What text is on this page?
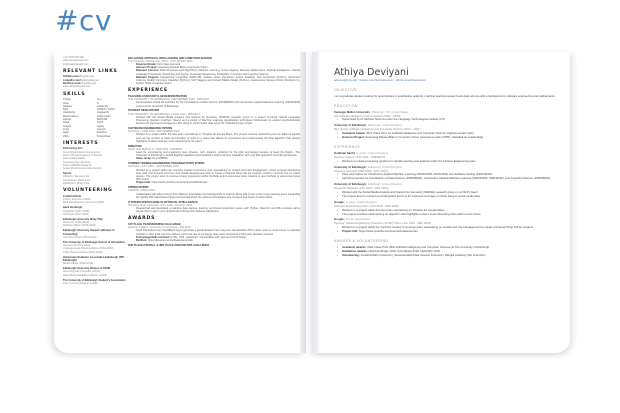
#cv
+44 7000 000 000
athiyadev@gmail.com
s1@hackthebugh.com
RELEVANT LINKS
GitHub.com/athiyadevyani
LinkedIn.com/in/athiyadevyani
DevPost.com/athiyadevyani
www.athiyadevyani.com
SKILLS
Python	C++
Java	C
Haskell	Assembly
SQL	HTML5 / CSS3
JavaScript	AngularJS
React Native	Scikit-Learn
Django	MATLAB
Flask	NLTK
Jupyter	Spacy
Linux	Gensim
Agile	FastText
JIRA	TensorFlow
INTERESTS
Performing Arts
Vocal (Performance Experience)
Dance (Royal Academy of Dance)
Intermediate Ballet
Contemporary, Hip Hop
Piano (ABRSM Grade 5)
Guitar (Performance Experience)
Sports
Athletics, Tae kwon Do
Competitive, Badminton
Kickboxing, Muay Thai
VOLUNTEERING
CodeFirstGirls
Python Instructor (2020)
Web Development Instructor (2020)
Hack the Burgh
Organiser (2017-2019)
Volunteer (2017-2018)
Edinburgh University Muay Thai
Treasurer (2020-2021)
Publicity Officer (2019-2020)
Edinburgh University Hoppers (Women in Computing)
Interview Coach (2019-2020)
The University of Edinburgh School of Informatics
Recruitment Committee
Undergraduate Representative (2019-2020)
Class Representative (2018-2019)
Indonesian Students' Association Edinburgh (PPI Edinburgh)
Media Officer (2018-2019)
Edinburgh University Women in STEM
Internship Fair Presenter (2019)
Hello World Hackathon Mentor (2019)
The University of Edinburgh Student's Association
Peer Learning Support Leader
BSC (HONS) ARTIFICIAL INTELLIGENCE AND COMPUTER SCIENCE
The University of Edinburgh | 2017 - 2021 (EXPECTED)
Expected Grade: First Class Honours
Honours Project: Assessing Dataset Bias in Computer Vision
Relevant Courses: Data Structures and Algorithms, Machine Learning, Linear Algebra, Discrete Mathematics, Artificial Intelligence, Natural Language Processing, Reasoning and Agents, Automated Reasoning, Probability, Computer and Cognitive Science
Relevant Projects: Handwriting recognition (MATLAB), Sudoku solver, Pentomino puzzle (Haskell), Unit conversion (Python), Sentiment Analysis, Reddit Comment Classifier (Python), NLP Tagging and Indirect Marble Model (Python), Autonomous Sunspot Robot (Robotics C), Python Trade Computer Vision
EXPERIENCE
TEACHING ASSISTANT (LAB DEMONSTRATOR)
THE UNIVERSITY OF EDINBURGH | SEPTEMBER 2020 - PRESENT
Demonstrated virtual lab sessions for the Foundations of Data Science (INFR08030) and Introductory Applied Machine Learning (INFR10069) course at the University of Edinburgh.
STUDENT RESEARCHER
THE UNIVERSITY OF EDINBURGH | JUNE 2020 - PRESENT
Worked with the Social Media Analysis and Support for Humanity (SMASH) research group on a project involving Natural Language Processing (Gensim, FastText, Spacy) and a variety of Machine Learning classification techniques (Scikit-learn) to expand psycholinguistic lexicons for improved coverage of online slang in social media data using the UrbanDictionary corpus.
SOFTWARE ENGINEERING INTERN
GOOGLE | JUNE 2020 - SEPTEMBER 2020
Worked on a project within the Geo team specializing on Timeline for Google Maps. The project involves researching into the different signals such as the number of visits and duration of visits to a place that affects its importance and implementing the final algorithm that selects highlights of places that are most interesting for the users.
DIRECTOR
HACK THE BURGH VI | SEP 2019 - PRESENT
Lead the volunteering and organising team (finance, tech, logistics, publicity) for the sixth and largest iteration of Hack the Burgh - The University of Edinburgh's annual flagship hackathon and Scotland's largest 24-hour hackathon with over 600 applicants and 200 participants.
Video recap: bit.ly/3c8f6Ru
SUMMER TRAINEE ENGINEERING PROGRAM (STEP) INTERN
GOOGLE | JULY 2019 - SEPTEMBER 2019
Worked on a project within the YouTube Creator Commerce team specializing on Growth and User Engagement, which involved developing both back and frontend and front end mobile development work to create a Channel Shop Tab for creators, which is currently live for select regions. The project aims to improve creator experience within YouTube and to encourage more creators to use YouTube to expand and grow their brand.
Project link: https://www.youtube.com/user/JoshuaWeissman
SPRING INTERN
AMAZON | APRIL 2019
Collaborated with fellow interns from different universities and backgrounds to build an Alexa skill (a two-mode song guessing game integrating the Spotify API called Alexa Sings) and learned about the various technologies and concepts that power Amazon Alexa.
IT INTERN SPECIALISING IN ARTIFICIAL INTELLIGENCE
The Body Shop Indonesia | JULY 2018 - AUGUST 2018
Researched and developed a real-time face capture, training, and facial recognition system with Python, OpenCV, and dlib complete with a simple GUI to aid in more targeted advertising and customer satisfaction.
AWARDS
1ST PLACE TRANSFERWISE CHALLENGE
HackCambridge4, University of Cambridge | JAN 2019
Used information from WorldBank.org to generate a global disaster heat map and TransferWise API to allow users to send money to selected charities in their local currency without much loss due to exchange rates and untrustworthy third party donation services.
Technology/skills involved: HTML, CSS, JavaScript, TransferWise API, web and UI/UX design
DevPost: https://devpost.com/software/send-help
2ND PLACE OVERALL & 3RD PLACE AMAZON AWS CHALLENGE
Athiya Deviyani
adeviyan@cmu.edu · linkedin.com/in/athiyadeviyani · github.com/athiyadeviyani
OBJECTIVE
I am a graduate student looking for opportunities in quantitative analysis, machine learning research and data science with a background in software engineering and mathematics.
EDUCATION
Carnegie Mellon University | Pittsburgh, PA, United States
MS Artificial Intelligence and Innovation (2021 - 2023)
• Supervised by Dr Michael Shamos under the Language Technologies Institute (LTI)
University of Edinburgh | Edinburgh, United Kingdom
BSc (Hons) Artificial Intelligence and Computer Science (2017 - 2021)
• Academic Award: 2021 Class Prize for Artificial Intelligence and Computer Science (highest overall mark)
• Honours Project: Assessing Dataset Bias in Computer Vision (received a mark of 85%, classified as outstanding)
EXPERIENCE
Goldman Sachs | London, United Kingdom
Summer Analyst (JUN 2021 - PRESENT)
• Worked on a data processing pipeline for capital reporting and analysis under the Finance Engineering team
University of Edinburgh | Edinburgh, United Kingdom
Teaching Assistant (SEP 2020 - MAY 2021)
• Tutor and marker for Introductory Applied Machine Learning (INFR10069, INFR11182) and Software Testing (INFR11032)
• Lab Demonstrator for Foundations of Data Science (INFR08030), Introductory Applied Machine Learning (INFR10069, INFR11182), and Cognitive Science (INFR08020)
University of Edinburgh | Edinburgh, United Kingdom
Research Assistant (JUN 2020 - MAY 2021)
• Worked with the Social Media Analysis and Support for Humanity (SMASH) research group on an NLP project
• The project aims to expand psycholinguistic lexicons for improved coverage of online slang in social media data
Google | London, United Kingdom
Software Engineering Intern (JUN 2020 - SEP 2020)
• Worked on a project within the Geo team specializing on Timeline for Google Maps
• The project involves implementing an algorithm that highlights a user's most interesting visits within a time frame
Google | Zurich, Switzerland
Summer Trainee Engineering Practicum (STEP) Intern (JUL 2019 - SEP 2019)
• Worked on a project within the YouTube Creator Commerce team specializing on Growth and User Engagement to create a Channel Shop Tab for creators
• Project link: https://www.youtube.com/user/joshuaweissman
AWARDS & VOLUNTEERING
• Academic awards: 2021 Class Prize (BSc Artificial Intelligence and Computer Science) at The University of Edinburgh
• Hackathon awards: HackCambridge 2019, OxfordHack 2018, HackUPC 2018
• Volunteering: CodeFirstGirls (Instructor), GeneratorsEd (Data Science Instructor), Bangkit Academy (ML Instructor)
